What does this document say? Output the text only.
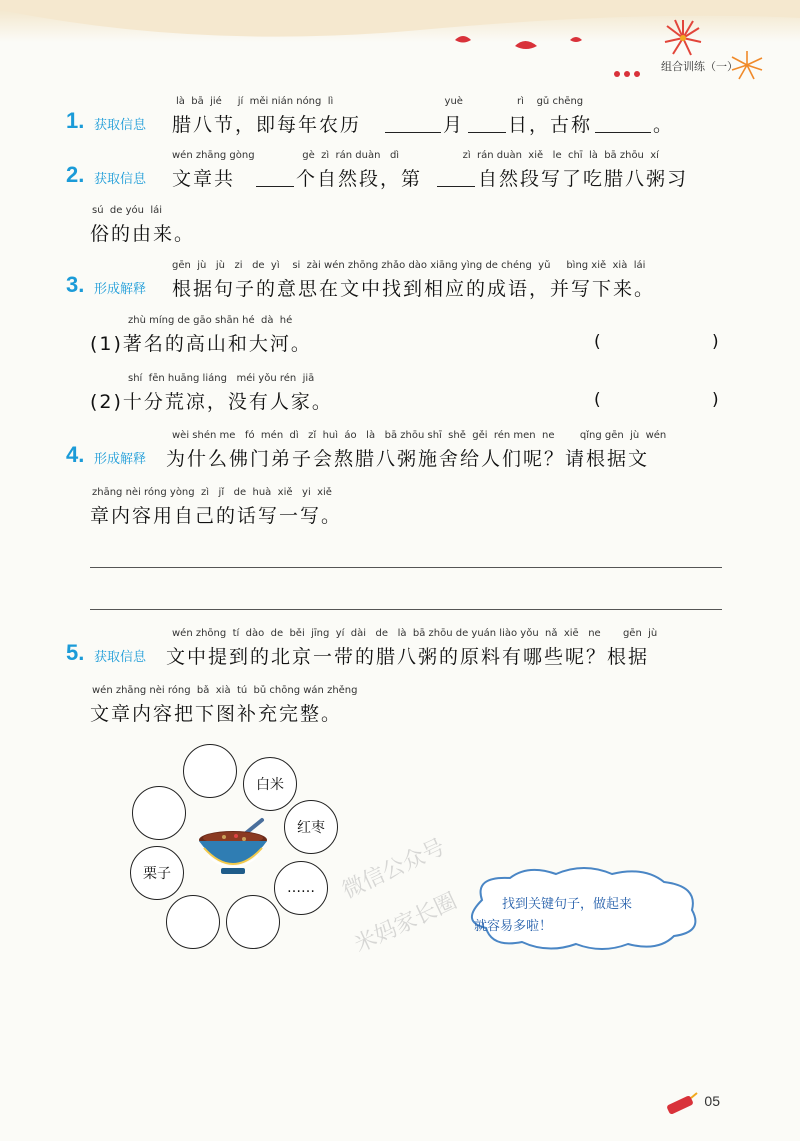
组合训练（一）
1. 获取信息
là  bā  jié     jí  měi nián nóng  lì                                   yuè                 rì    gǔ chēng
腊八节，即每年农历	月 日，古称	。
2. 获取信息
wén zhāng gòng               gè  zì  rán duàn   dì                    zì  rán duàn  xiě   le  chī  là  bā zhōu  xí
文章共	个自然段，第	自然段写了吃腊八粥习
sú  de yóu  lái
俗的由来。
3. 形成解释
gēn  jù   jù   zi   de  yì    si  zài wén zhōng zhǎo dào xiāng yìng de chéng  yǔ     bìng xiě  xià  lái
根据句子的意思在文中找到相应的成语，并写下来。
zhù míng de gāo shān hé  dà  hé
(1)著名的高山和大河。	(	)
shí  fēn huāng liáng   méi yǒu rén  jiā
(2)十分荒凉，没有人家。	(	)
4. 形成解释
wèi shén me   fó  mén  dì   zǐ  huì  áo   là   bā zhōu shī  shě  gěi  rén men  ne        qǐng gēn  jù  wén
为什么佛门弟子会熬腊八粥施舍给人们呢？请根据文
zhāng nèi róng yòng  zì   jǐ   de  huà  xiě   yi  xiě
章内容用自己的话写一写。
5. 获取信息
wén zhōng  tí  dào  de  běi  jīng  yí  dài   de   là  bā zhōu de yuán liào yǒu  nǎ  xiē   ne       gēn  jù
文中提到的北京一带的腊八粥的原料有哪些呢？根据
wén zhāng nèi róng  bǎ  xià  tú  bǔ chōng wán zhěng
文章内容把下图补充完整。
白米
红枣
栗子
……	微信公众号
米妈家长圈	找到关键句子，做起来
就容易多啦！
05
